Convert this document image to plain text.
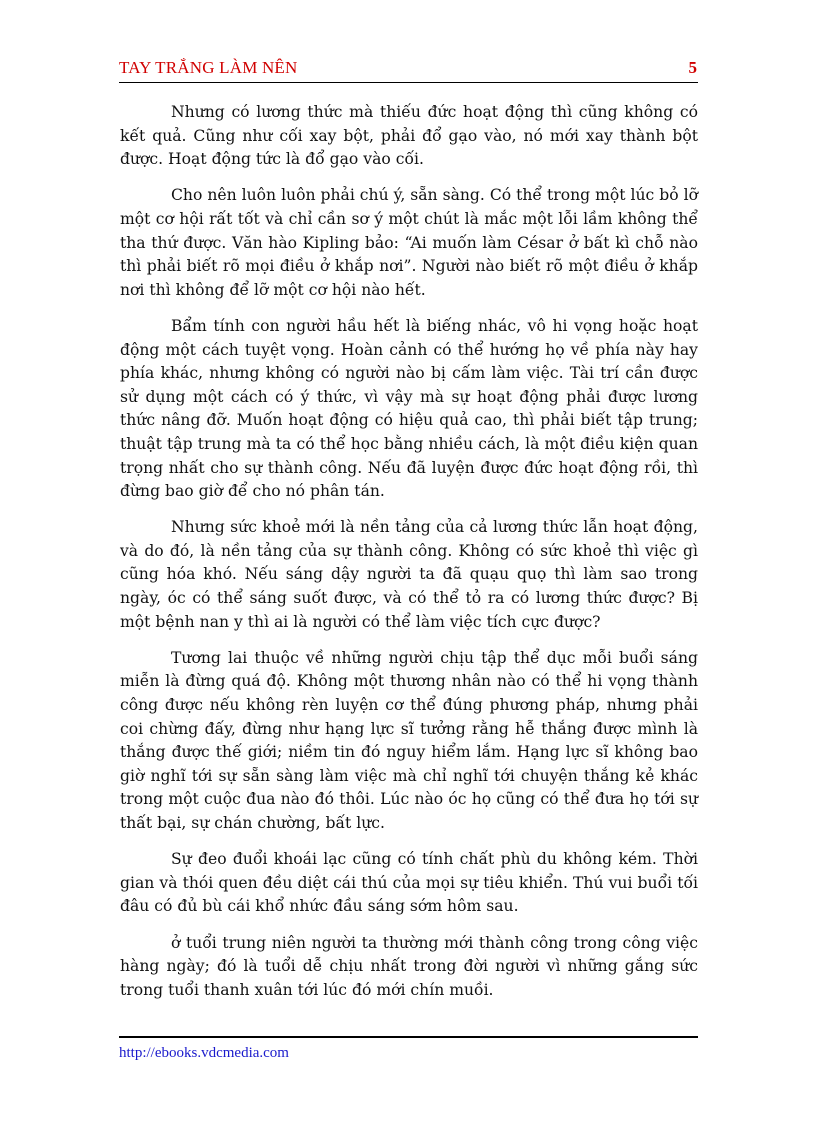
TAY TRẮNG LÀM NÊN	5

Nhưng có lương thức mà thiếu đức hoạt động thì cũng không có kết quả. Cũng như cối xay bột, phải đổ gạo vào, nó mới xay thành bột được. Hoạt động tức là đổ gạo vào cối.

Cho nên luôn luôn phải chú ý, sẵn sàng. Có thể trong một lúc bỏ lỡ một cơ hội rất tốt và chỉ cần sơ ý một chút là mắc một lỗi lầm không thể tha thứ được. Văn hào Kipling bảo: “Ai muốn làm César ở bất kì chỗ nào thì phải biết rõ mọi điều ở khắp nơi”. Người nào biết rõ một điều ở khắp nơi thì không để lỡ một cơ hội nào hết.

Bẩm tính con người hầu hết là biếng nhác, vô hi vọng hoặc hoạt động một cách tuyệt vọng. Hoàn cảnh có thể hướng họ về phía này hay phía khác, nhưng không có người nào bị cấm làm việc. Tài trí cần được sử dụng một cách có ý thức, vì vậy mà sự hoạt động phải được lương thức nâng đỡ. Muốn hoạt động có hiệu quả cao, thì phải biết tập trung; thuật tập trung mà ta có thể học bằng nhiều cách, là một điều kiện quan trọng nhất cho sự thành công. Nếu đã luyện được đức hoạt động rồi, thì đừng bao giờ để cho nó phân tán.

Nhưng sức khoẻ mới là nền tảng của cả lương thức lẫn hoạt động, và do đó, là nền tảng của sự thành công. Không có sức khoẻ thì việc gì cũng hóa khó. Nếu sáng dậy người ta đã quạu quọ thì làm sao trong ngày, óc có thể sáng suốt được, và có thể tỏ ra có lương thức được? Bị một bệnh nan y thì ai là người có thể làm việc tích cực được?

Tương lai thuộc về những người chịu tập thể dục mỗi buổi sáng miễn là đừng quá độ. Không một thương nhân nào có thể hi vọng thành công được nếu không rèn luyện cơ thể đúng phương pháp, nhưng phải coi chừng đấy, đừng như hạng lực sĩ tưởng rằng hễ thắng được mình là thắng được thế giới; niềm tin đó nguy hiểm lắm. Hạng lực sĩ không bao giờ nghĩ tới sự sẵn sàng làm việc mà chỉ nghĩ tới chuyện thắng kẻ khác trong một cuộc đua nào đó thôi. Lúc nào óc họ cũng có thể đưa họ tới sự thất bại, sự chán chường, bất lực.

Sự đeo đuổi khoái lạc cũng có tính chất phù du không kém. Thời gian và thói quen đều diệt cái thú của mọi sự tiêu khiển. Thú vui buổi tối đâu có đủ bù cái khổ nhức đầu sáng sớm hôm sau.

ở tuổi trung niên người ta thường mới thành công trong công việc hàng ngày; đó là tuổi dễ chịu nhất trong đời người vì những gắng sức trong tuổi thanh xuân tới lúc đó mới chín muồi.

http://ebooks.vdcmedia.com
